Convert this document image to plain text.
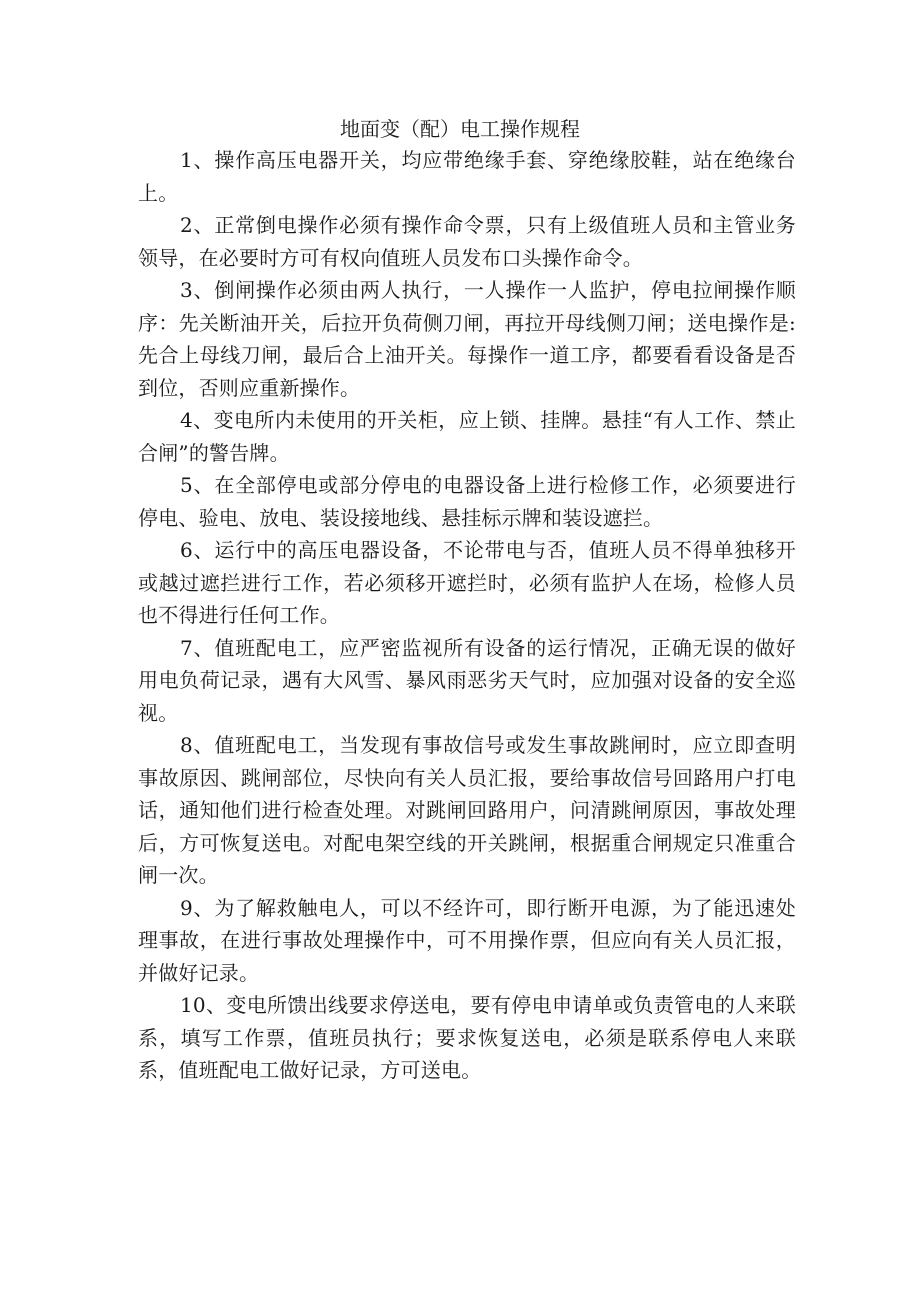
地面变（配）电工操作规程

1、操作高压电器开关，均应带绝缘手套、穿绝缘胶鞋，站在绝缘台上。

2、正常倒电操作必须有操作命令票，只有上级值班人员和主管业务领导，在必要时方可有权向值班人员发布口头操作命令。

3、倒闸操作必须由两人执行，一人操作一人监护，停电拉闸操作顺序：先关断油开关，后拉开负荷侧刀闸，再拉开母线侧刀闸；送电操作是:先合上母线刀闸，最后合上油开关。每操作一道工序，都要看看设备是否到位，否则应重新操作。

4、变电所内未使用的开关柜，应上锁、挂牌。悬挂“有人工作、禁止合闸”的警告牌。

5、在全部停电或部分停电的电器设备上进行检修工作，必须要进行停电、验电、放电、装设接地线、悬挂标示牌和装设遮拦。

6、运行中的高压电器设备，不论带电与否，值班人员不得单独移开或越过遮拦进行工作，若必须移开遮拦时，必须有监护人在场，检修人员也不得进行任何工作。

7、值班配电工，应严密监视所有设备的运行情况，正确无误的做好用电负荷记录，遇有大风雪、暴风雨恶劣天气时，应加强对设备的安全巡视。

8、值班配电工，当发现有事故信号或发生事故跳闸时，应立即查明事故原因、跳闸部位，尽快向有关人员汇报，要给事故信号回路用户打电话，通知他们进行检查处理。对跳闸回路用户，问清跳闸原因，事故处理后，方可恢复送电。对配电架空线的开关跳闸，根据重合闸规定只准重合闸一次。

9、为了解救触电人，可以不经许可，即行断开电源，为了能迅速处理事故，在进行事故处理操作中，可不用操作票，但应向有关人员汇报，并做好记录。

10、变电所馈出线要求停送电，要有停电申请单或负责管电的人来联系，填写工作票，值班员执行；要求恢复送电，必须是联系停电人来联系，值班配电工做好记录，方可送电。
